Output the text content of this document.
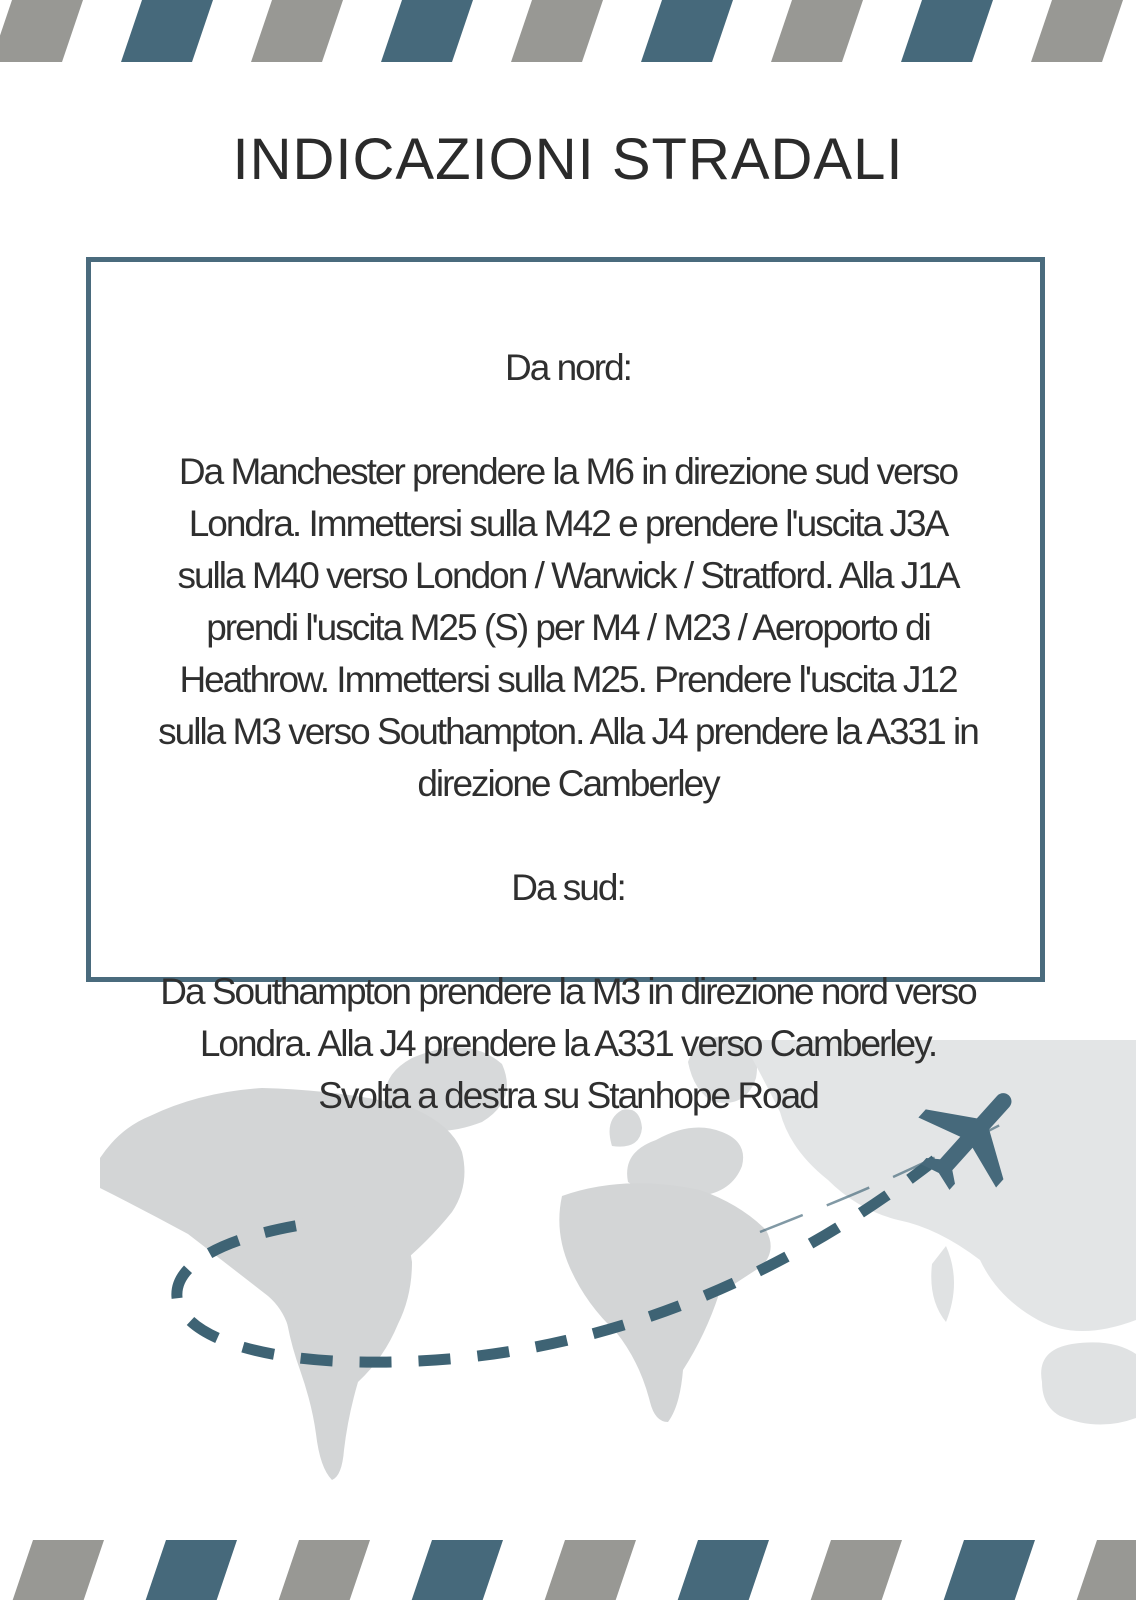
INDICAZIONI STRADALI

Da nord:

Da Manchester prendere la M6 in direzione sud verso Londra. Immettersi sulla M42 e prendere l'uscita J3A sulla M40 verso London / Warwick / Stratford. Alla J1A prendi l'uscita M25 (S) per M4 / M23 / Aeroporto di Heathrow. Immettersi sulla M25. Prendere l'uscita J12 sulla M3 verso Southampton. Alla J4 prendere la A331 in direzione Camberley

Da sud:

Da Southampton prendere la M3 in direzione nord verso Londra. Alla J4 prendere la A331 verso Camberley. Svolta a destra su Stanhope Road
